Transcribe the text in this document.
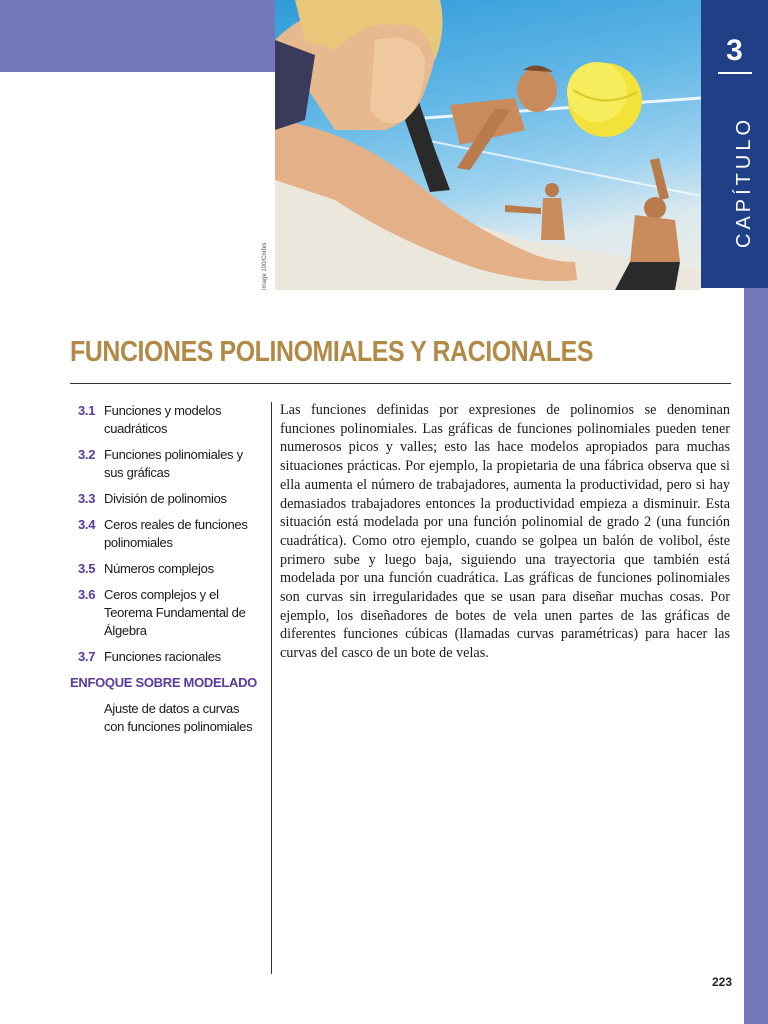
Image 100/Corbis
3
CAPÍTULO
FUNCIONES POLINOMIALES Y RACIONALES
3.1 Funciones y modelos cuadráticos
3.2 Funciones polinomiales y sus gráficas
3.3 División de polinomios
3.4 Ceros reales de funciones polinomiales
3.5 Números complejos
3.6 Ceros complejos y el Teorema Fundamental de Álgebra
3.7 Funciones racionales
ENFOQUE SOBRE MODELADO
Ajuste de datos a curvas con funciones polinomiales

Las funciones definidas por expresiones de polinomios se denominan funciones polinomiales. Las gráficas de funciones polinomiales pueden tener numerosos picos y valles; esto las hace modelos apropiados para muchas situaciones prácticas. Por ejemplo, la propietaria de una fábrica observa que si ella aumenta el número de trabajadores, aumenta la productividad, pero si hay demasiados trabajadores entonces la productividad empieza a disminuir. Esta situación está modelada por una función polinomial de grado 2 (una función cuadrática). Como otro ejemplo, cuando se golpea un balón de volibol, éste primero sube y luego baja, siguiendo una trayectoria que también está modelada por una función cuadrática. Las gráficas de funciones polinomiales son curvas sin irregularidades que se usan para diseñar muchas cosas. Por ejemplo, los diseñadores de botes de vela unen partes de las gráficas de diferentes funciones cúbicas (llamadas curvas paramétricas) para hacer las curvas del casco de un bote de velas.

223
